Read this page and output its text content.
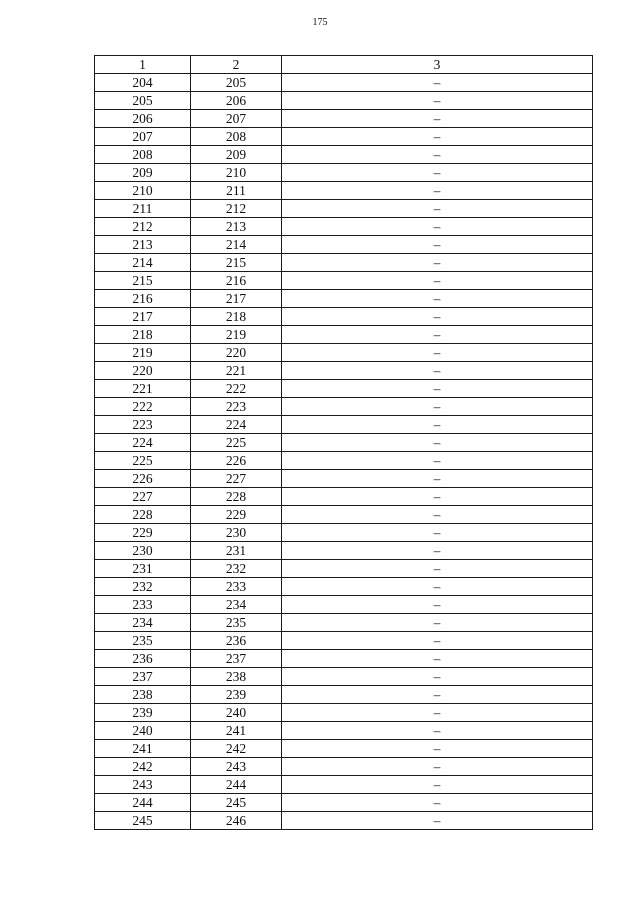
175
1	2	3
204	205	–
205	206	–
206	207	–
207	208	–
208	209	–
209	210	–
210	211	–
211	212	–
212	213	–
213	214	–
214	215	–
215	216	–
216	217	–
217	218	–
218	219	–
219	220	–
220	221	–
221	222	–
222	223	–
223	224	–
224	225	–
225	226	–
226	227	–
227	228	–
228	229	–
229	230	–
230	231	–
231	232	–
232	233	–
233	234	–
234	235	–
235	236	–
236	237	–
237	238	–
238	239	–
239	240	–
240	241	–
241	242	–
242	243	–
243	244	–
244	245	–
245	246	–
